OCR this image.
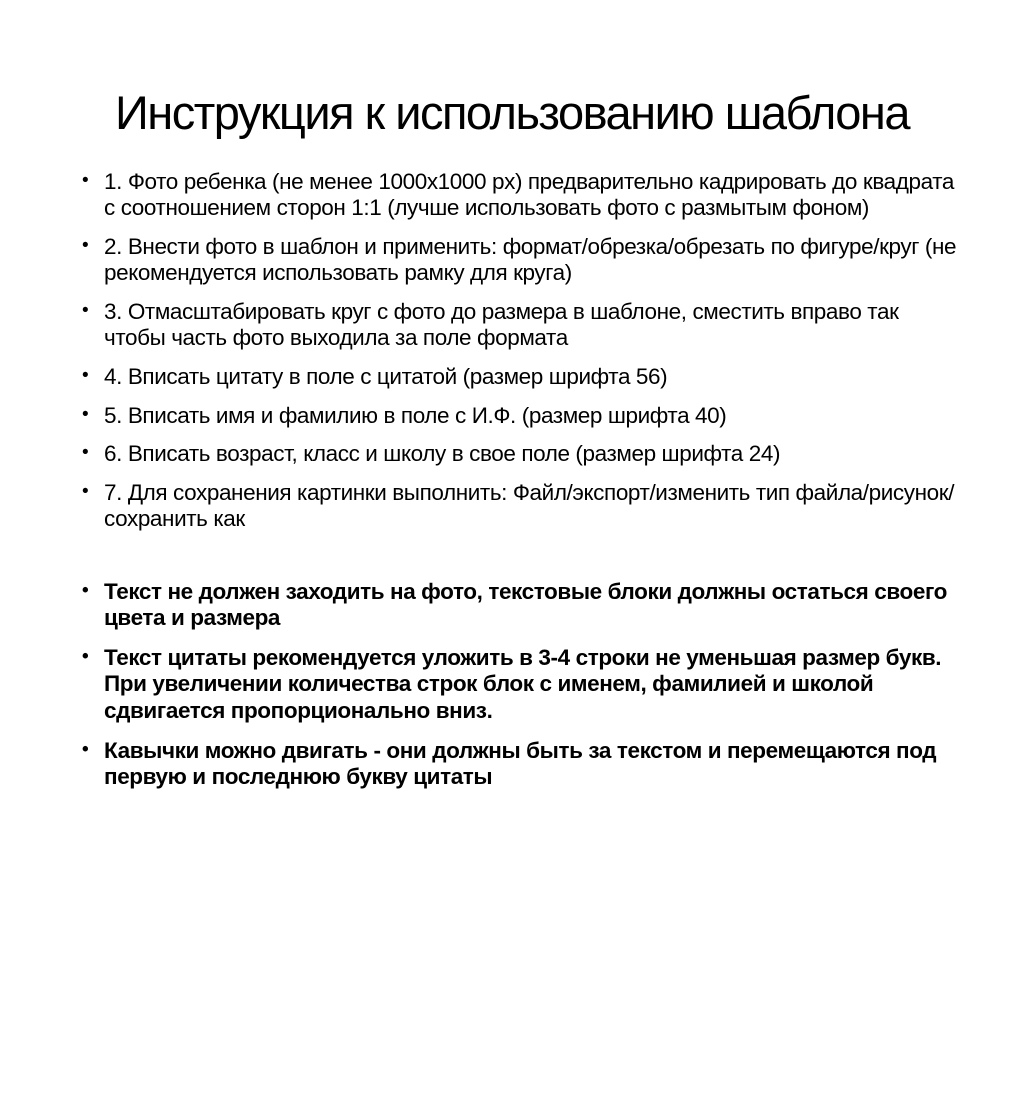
Инструкция к использованию шаблона
• 1. Фото ребенка (не менее 1000x1000 px) предварительно кадрировать до квадрата с соотношением сторон 1:1 (лучше использовать фото с размытым фоном)
• 2. Внести фото в шаблон и применить: формат/обрезка/обрезать по фигуре/круг (не рекомендуется использовать рамку для круга)
• 3. Отмасштабировать круг с фото до размера в шаблоне, сместить вправо так чтобы часть фото выходила за поле формата
• 4. Вписать цитату в поле с цитатой (размер шрифта 56)
• 5. Вписать имя и фамилию в поле с И.Ф. (размер шрифта 40)
• 6. Вписать возраст, класс и школу в свое поле (размер шрифта 24)
• 7. Для сохранения картинки выполнить: Файл/экспорт/изменить тип файла/рисунок/сохранить как
• Текст не должен заходить на фото, текстовые блоки должны остаться своего цвета и размера
• Текст цитаты рекомендуется уложить в 3-4 строки не уменьшая размер букв. При увеличении количества строк блок с именем, фамилией и школой сдвигается пропорционально вниз.
• Кавычки можно двигать - они должны быть за текстом и перемещаются под первую и последнюю букву цитаты
